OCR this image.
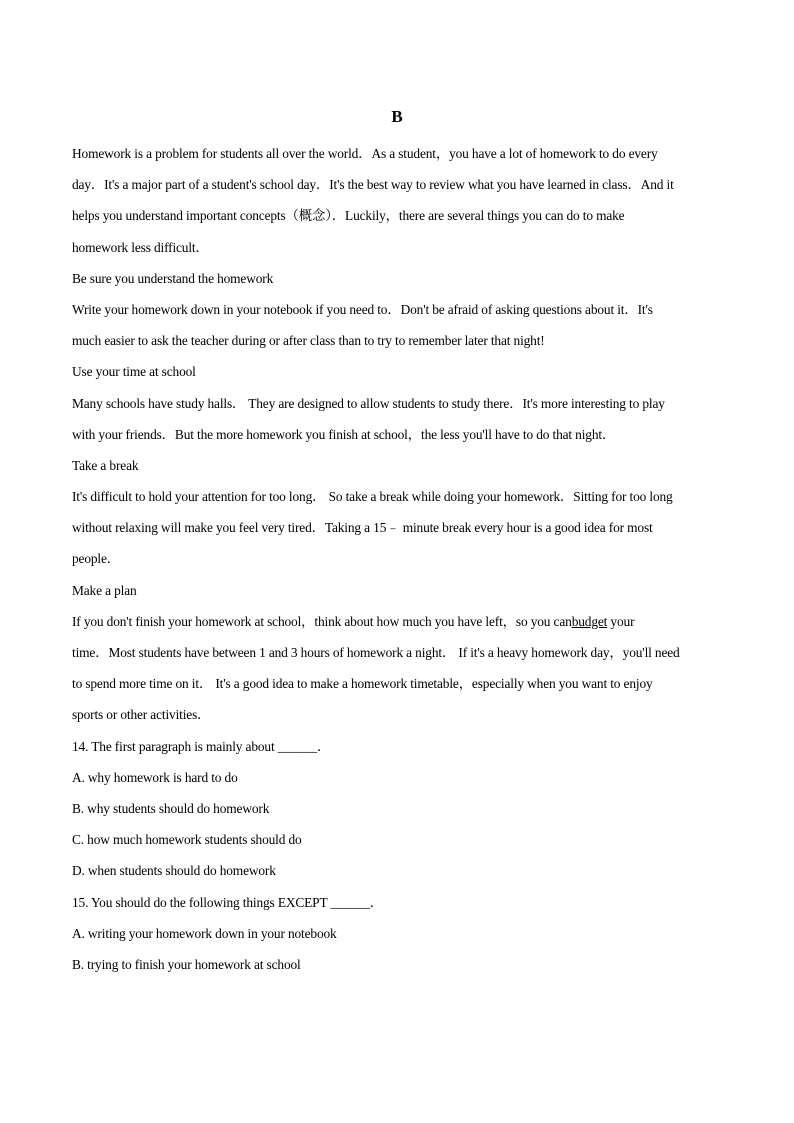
B
Homework is a problem for students all over the world．As a student，you have a lot of homework to do every
day．It's a major part of a student's school day．It's the best way to review what you have learned in class．And it
helps you understand important concepts（概念）．Luckily，there are several things you can do to make
homework less difficult．
Be sure you understand the homework
Write your homework down in your notebook if you need to．Don't be afraid of asking questions about it．It's
much easier to ask the teacher during or after class than to try to remember later that night!
Use your time at school
Many schools have study halls． They are designed to allow students to study there．It's more interesting to play
with your friends．But the more homework you finish at school，the less you'll have to do that night．
Take a break
It's difficult to hold your attention for too long． So take a break while doing your homework．Sitting for too long
without relaxing will make you feel very tired．Taking a 15﹣ minute break every hour is a good idea for most
people．
Make a plan
If you don't finish your homework at school，think about how much you have left，so you canbudget your
time．Most students have between 1 and 3 hours of homework a night． If it's a heavy homework day，you'll need
to spend more time on it． It's a good idea to make a homework timetable，especially when you want to enjoy
sports or other activities．
14. The first paragraph is mainly about ______．
A. why homework is hard to do
B. why students should do homework
C. how much homework students should do
D. when students should do homework
15. You should do the following things EXCEPT ______．
A. writing your homework down in your notebook
B. trying to finish your homework at school
